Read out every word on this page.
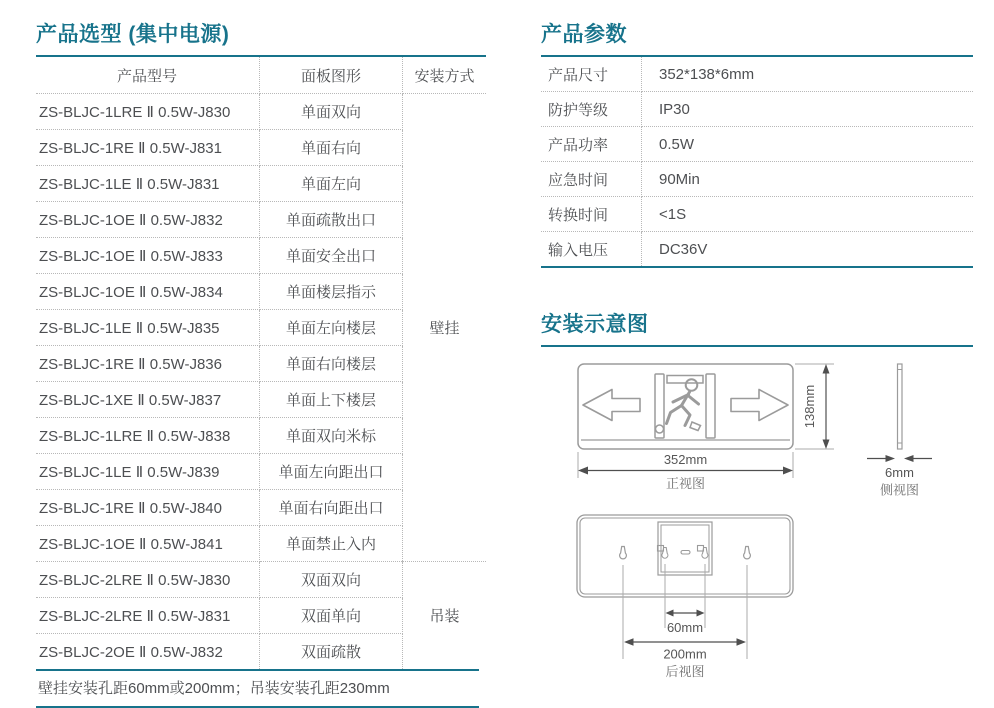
产品选型 (集中电源)
产品型号	面板图形	安装方式
ZS-BLJC-1LRE Ⅱ 0.5W-J830	单面双向	壁挂
ZS-BLJC-1RE Ⅱ 0.5W-J831	单面右向	
ZS-BLJC-1LE Ⅱ 0.5W-J831	单面左向	
ZS-BLJC-1OE Ⅱ 0.5W-J832	单面疏散出口	
ZS-BLJC-1OE Ⅱ 0.5W-J833	单面安全出口	
ZS-BLJC-1OE Ⅱ 0.5W-J834	单面楼层指示	
ZS-BLJC-1LE Ⅱ 0.5W-J835	单面左向楼层	
ZS-BLJC-1RE Ⅱ 0.5W-J836	单面右向楼层	
ZS-BLJC-1XE Ⅱ 0.5W-J837	单面上下楼层	
ZS-BLJC-1LRE Ⅱ 0.5W-J838	单面双向米标	
ZS-BLJC-1LE Ⅱ 0.5W-J839	单面左向距出口	
ZS-BLJC-1RE Ⅱ 0.5W-J840	单面右向距出口	
ZS-BLJC-1OE Ⅱ 0.5W-J841	单面禁止入内	
ZS-BLJC-2LRE Ⅱ 0.5W-J830	双面双向	吊装
ZS-BLJC-2LRE Ⅱ 0.5W-J831	双面单向	
ZS-BLJC-2OE Ⅱ 0.5W-J832	双面疏散	
壁挂安装孔距60mm或200mm；吊装安装孔距230mm
产品参数
产品尺寸	352*138*6mm
防护等级	IP30
产品功率	0.5W
应急时间	90Min
转换时间	<1S
输入电压	DC36V
安装示意图
138mm
352mm
正视图
6mm
侧视图
60mm
200mm
后视图
